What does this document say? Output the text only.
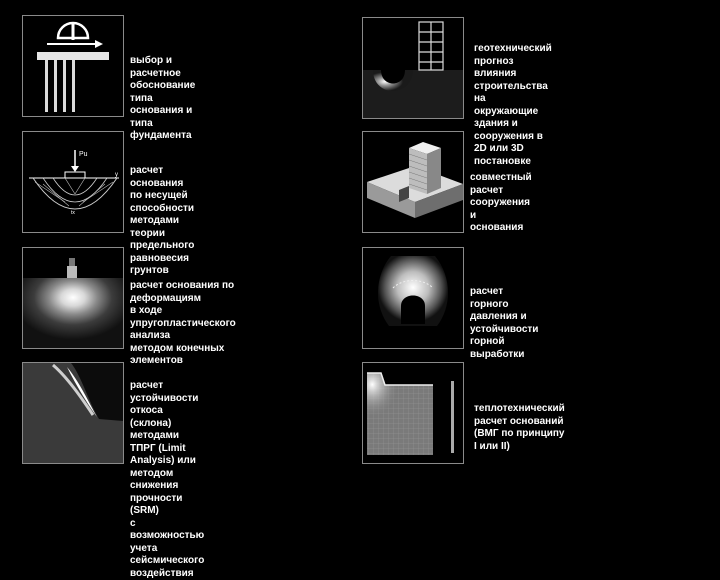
выбор и расчетное обоснование
типа основания и типа фундамента
Pu
y
tx
расчет основания по несущей
способности методами теории
предельного равновесия грунтов
расчет основания по деформациям
в ходе упругопластического анализа
методом конечных элементов
расчет устойчивости откоса (склона)
методами ТПРГ (Limit Analysis) или
методом снижения прочности (SRM)
с возможностью учета
сейсмического воздействия
геотехнический прогноз влияния
строительства на окружающие
здания и сооружения в 2D или 3D
постановке
совместный расчет сооружения и
основания
расчет горного давления и
устойчивости горной выработки
теплотехнический расчет оснований
(ВМГ по принципу I или II)
